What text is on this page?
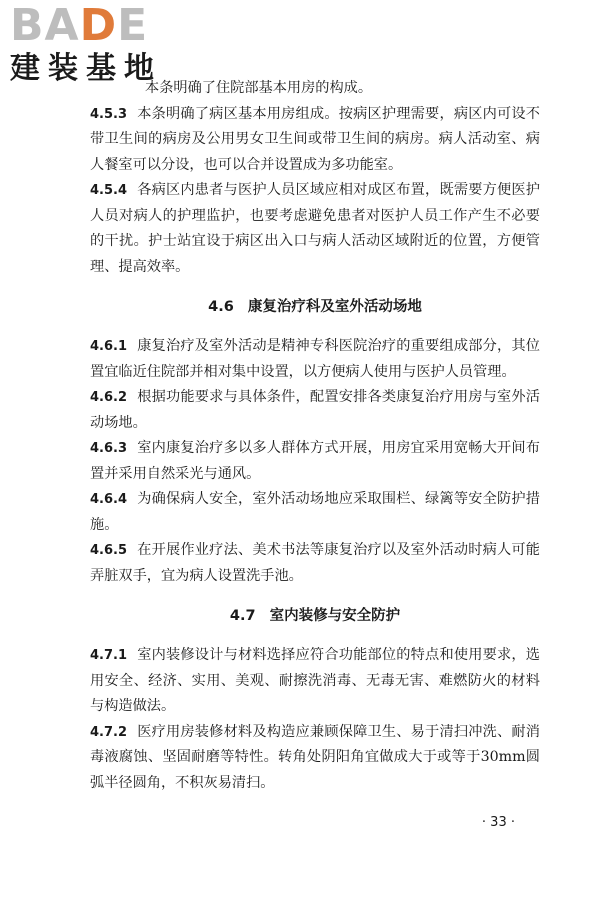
BADE
建装基地

本条明确了住院部基本用房的构成。

4.5.3 本条明确了病区基本用房组成。按病区护理需要，病区内可设不带卫生间的病房及公用男女卫生间或带卫生间的病房。病人活动室、病人餐室可以分设，也可以合并设置成为多功能室。

4.5.4 各病区内患者与医护人员区域应相对成区布置，既需要方便医护人员对病人的护理监护，也要考虑避免患者对医护人员工作产生不必要的干扰。护士站宜设于病区出入口与病人活动区域附近的位置，方便管理、提高效率。

4.6 康复治疗科及室外活动场地

4.6.1 康复治疗及室外活动是精神专科医院治疗的重要组成部分，其位置宜临近住院部并相对集中设置，以方便病人使用与医护人员管理。

4.6.2 根据功能要求与具体条件，配置安排各类康复治疗用房与室外活动场地。

4.6.3 室内康复治疗多以多人群体方式开展，用房宜采用宽畅大开间布置并采用自然采光与通风。

4.6.4 为确保病人安全，室外活动场地应采取围栏、绿篱等安全防护措施。

4.6.5 在开展作业疗法、美术书法等康复治疗以及室外活动时病人可能弄脏双手，宜为病人设置洗手池。

4.7 室内装修与安全防护

4.7.1 室内装修设计与材料选择应符合功能部位的特点和使用要求，选用安全、经济、实用、美观、耐擦洗消毒、无毒无害、难燃防火的材料与构造做法。

4.7.2 医疗用房装修材料及构造应兼顾保障卫生、易于清扫冲洗、耐消毒液腐蚀、坚固耐磨等特性。转角处阴阳角宜做成大于或等于30mm圆弧半径圆角，不积灰易清扫。

· 33 ·
